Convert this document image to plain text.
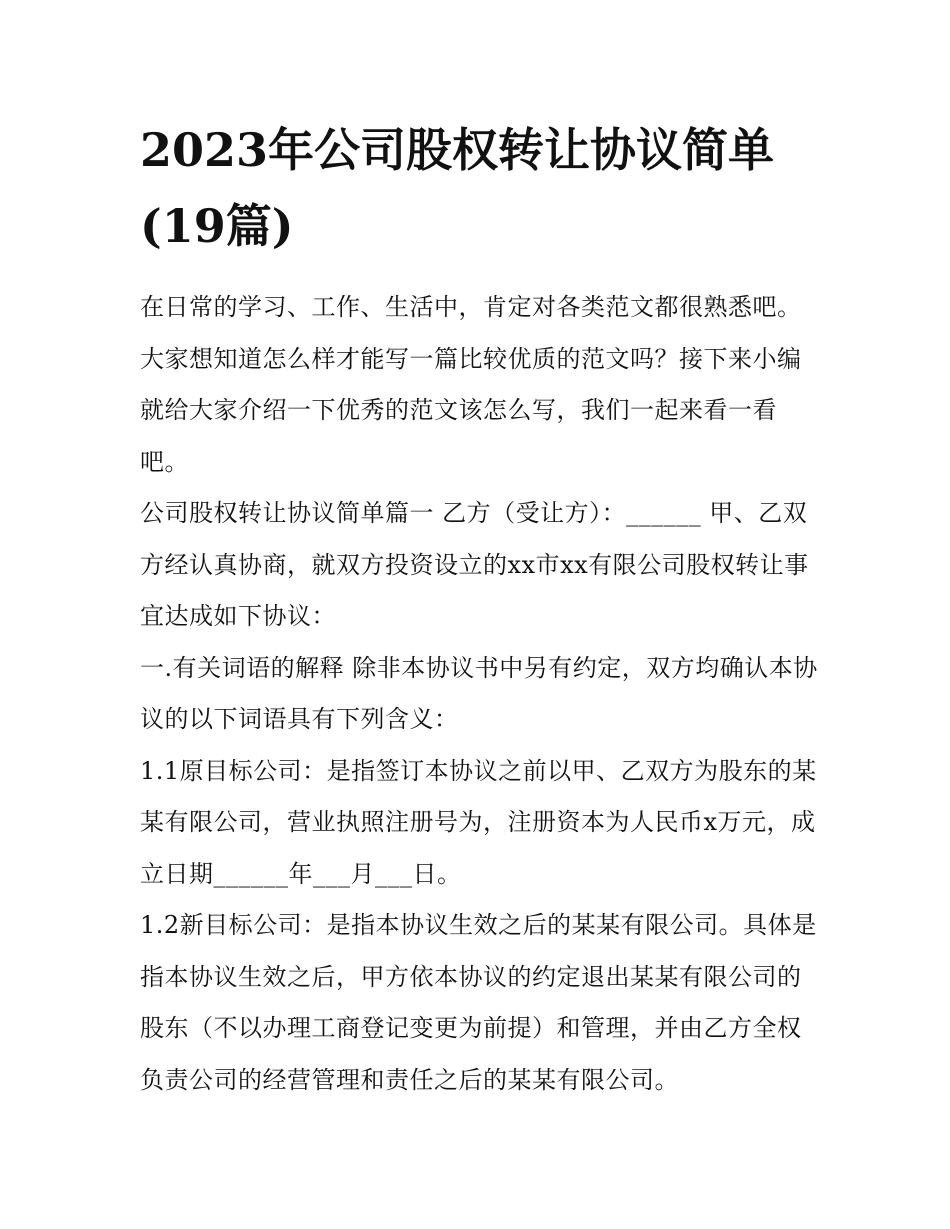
2023年公司股权转让协议简单(19篇)

在日常的学习、工作、生活中，肯定对各类范文都很熟悉吧。大家想知道怎么样才能写一篇比较优质的范文吗？接下来小编就给大家介绍一下优秀的范文该怎么写，我们一起来看一看吧。

公司股权转让协议简单篇一 乙方（受让方）：______ 甲、乙双方经认真协商，就双方投资设立的xx市xx有限公司股权转让事宜达成如下协议：

一.有关词语的解释 除非本协议书中另有约定，双方均确认本协议的以下词语具有下列含义：

1.1原目标公司：是指签订本协议之前以甲、乙双方为股东的某某有限公司，营业执照注册号为，注册资本为人民币x万元，成立日期______年___月___日。

1.2新目标公司：是指本协议生效之后的某某有限公司。具体是指本协议生效之后，甲方依本协议的约定退出某某有限公司的股东（不以办理工商登记变更为前提）和管理，并由乙方全权负责公司的经营管理和责任之后的某某有限公司。
